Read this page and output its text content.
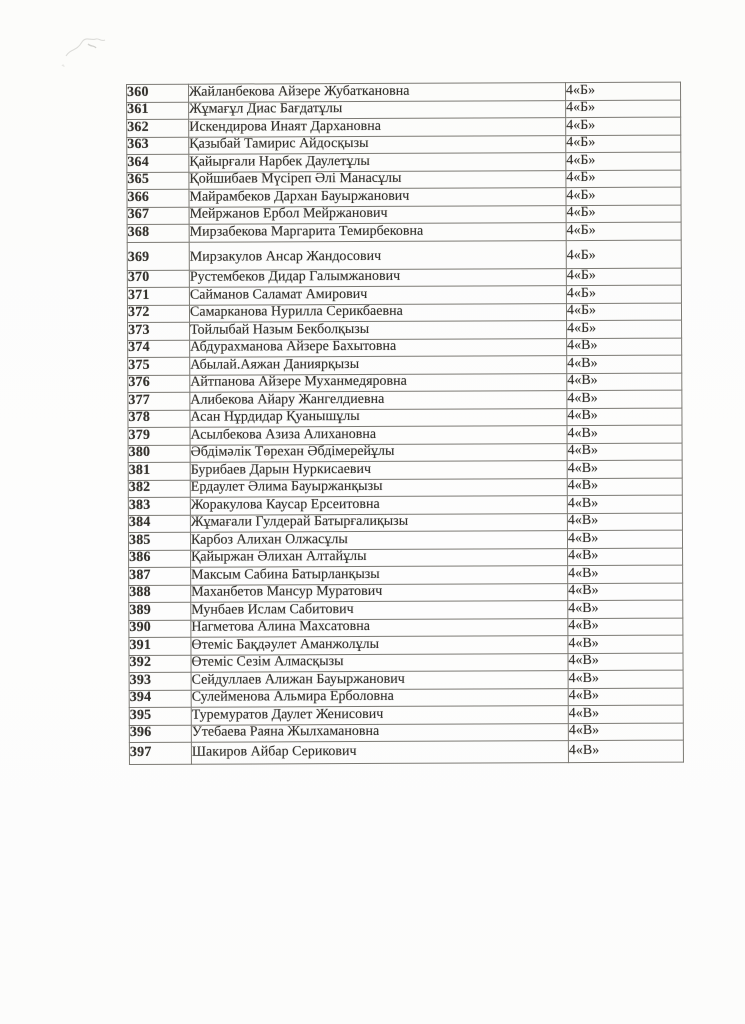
360	Жайланбекова Айзере Жубаткановна	4«Б»
361	Жұмағұл Диас Бағдатұлы	4«Б»
362	Искендирова Инаят Дархановна	4«Б»
363	Қазыбай Тамирис Айдосқызы	4«Б»
364	Қайырғали Нарбек Даулетұлы	4«Б»
365	Қойшибаев Мүсіреп Әлі Манасұлы	4«Б»
366	Майрамбеков Дархан Бауыржанович	4«Б»
367	Мейржанов Ербол Мейржанович	4«Б»
368	Мирзабекова Маргарита Темирбековна	4«Б»
369	Мирзакулов Ансар Жандосович	4«Б»
370	Рустембеков Дидар Галымжанович	4«Б»
371	Сайманов Саламат Амирович	4«Б»
372	Самарканова Нурилла Серикбаевна	4«Б»
373	Тойлыбай Назым Бекболқызы	4«Б»
374	Абдурахманова Айзере Бахытовна	4«В»
375	Абылай.Аяжан Даниярқызы	4«В»
376	Айтпанова Айзере Муханмедяровна	4«В»
377	Алибекова Айару Жангелдиевна	4«В»
378	Асан Нұрдидар Қуанышұлы	4«В»
379	Асылбекова Азиза Алихановна	4«В»
380	Әбдімәлік Төрехан Әбдімерейұлы	4«В»
381	Бурибаев Дарын Нуркисаевич	4«В»
382	Ердаулет Әлима Бауыржанқызы	4«В»
383	Жоракулова Каусар Ерсеитовна	4«В»
384	Жұмағали Гулдерай Батырғалиқызы	4«В»
385	Карбоз Алихан Олжасұлы	4«В»
386	Қайыржан Әлихан Алтайұлы	4«В»
387	Максым Сабина Батырланқызы	4«В»
388	Маханбетов Мансур Муратович	4«В»
389	Мунбаев Ислам Сабитович	4«В»
390	Нагметова Алина Махсатовна	4«В»
391	Өтеміс Бақдәулет Аманжолұлы	4«В»
392	Өтеміс Сезім Алмасқызы	4«В»
393	Сейдуллаев Алижан Бауыржанович	4«В»
394	Сулейменова Альмира Ерболовна	4«В»
395	Туремуратов Даулет Женисович	4«В»
396	Утебаева Раяна Жылхамановна	4«В»
397	Шакиров Айбар Серикович	4«В»
